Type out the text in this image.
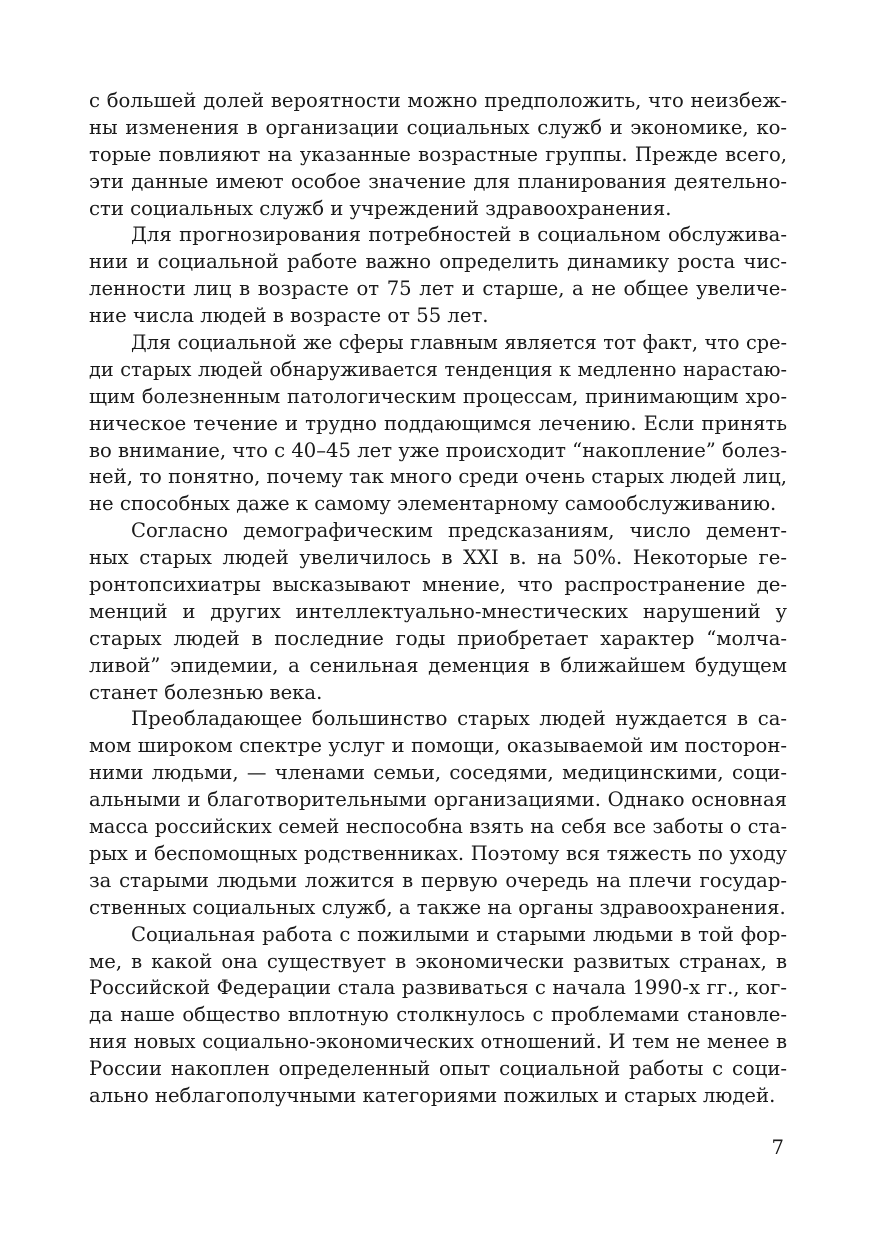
с большей долей вероятности можно предположить, что неизбеж-
ны изменения в организации социальных служб и экономике, ко-
торые повлияют на указанные возрастные группы. Прежде всего,
эти данные имеют особое значение для планирования деятельно-
сти социальных служб и учреждений здравоохранения.
Для прогнозирования потребностей в социальном обслужива-
нии и социальной работе важно определить динамику роста чис-
ленности лиц в возрасте от 75 лет и старше, а не общее увеличе-
ние числа людей в возрасте от 55 лет.
Для социальной же сферы главным является тот факт, что сре-
ди старых людей обнаруживается тенденция к медленно нарастаю-
щим болезненным патологическим процессам, принимающим хро-
ническое течение и трудно поддающимся лечению. Если принять
во внимание, что с 40–45 лет уже происходит “накопление” болез-
ней, то понятно, почему так много среди очень старых людей лиц,
не способных даже к самому элементарному самообслуживанию.
Согласно демографическим предсказаниям, число демент-
ных старых людей увеличилось в XXI в. на 50%. Некоторые ге-
ронтопсихиатры высказывают мнение, что распространение де-
менций и других интеллектуально-мнестических нарушений у
старых людей в последние годы приобретает характер “молча-
ливой” эпидемии, а сенильная деменция в ближайшем будущем
станет болезнью века.
Преобладающее большинство старых людей нуждается в са-
мом широком спектре услуг и помощи, оказываемой им посторон-
ними людьми, — членами семьи, соседями, медицинскими, соци-
альными и благотворительными организациями. Однако основная
масса российских семей неспособна взять на себя все заботы о ста-
рых и беспомощных родственниках. Поэтому вся тяжесть по уходу
за старыми людьми ложится в первую очередь на плечи государ-
ственных социальных служб, а также на органы здравоохранения.
Социальная работа с пожилыми и старыми людьми в той фор-
ме, в какой она существует в экономически развитых странах, в
Российской Федерации стала развиваться с начала 1990-х гг., ког-
да наше общество вплотную столкнулось с проблемами становле-
ния новых социально-экономических отношений. И тем не менее в
России накоплен определенный опыт социальной работы с соци-
ально неблагополучными категориями пожилых и старых людей.
7
